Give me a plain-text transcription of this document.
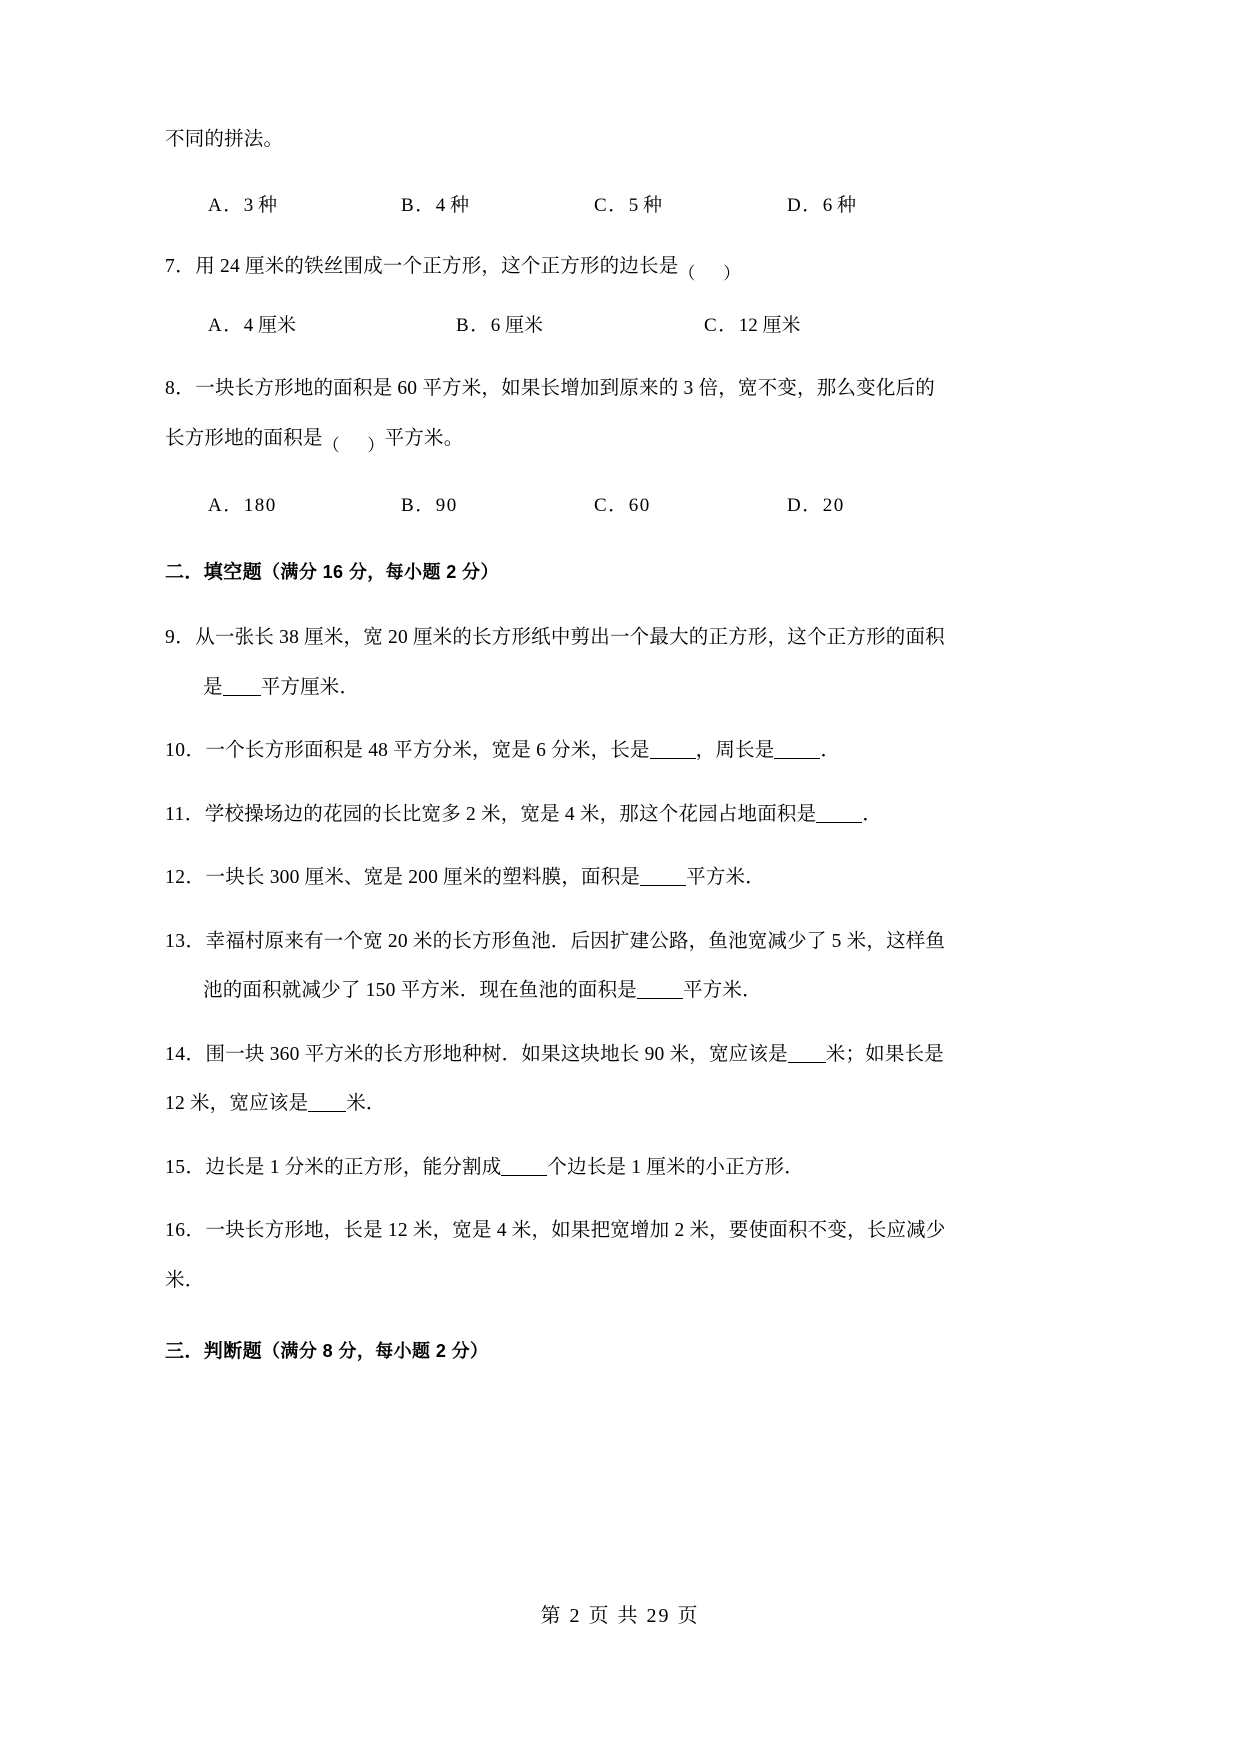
不同的拼法。
A．3 种	B．4 种	C．5 种	D．6 种
7．用 24 厘米的铁丝围成一个正方形，这个正方形的边长是 （ ）
A．4 厘米	B．6 厘米	C．12 厘米
8．一块长方形地的面积是 60 平方米，如果长增加到原来的 3 倍，宽不变，那么变化后的
长方形地的面积是 （ ） 平方米。
A．180	B．90	C．60	D．20
二．填空题（满分 16 分，每小题 2 分）
9．从一张长 38 厘米，宽 20 厘米的长方形纸中剪出一个最大的正方形，这个正方形的面积
是 平方厘米．
10．一个长方形面积是 48 平方分米，宽是 6 分米，长是 ，周长是 ．
11．学校操场边的花园的长比宽多 2 米，宽是 4 米，那这个花园占地面积是 ．
12．一块长 300 厘米、宽是 200 厘米的塑料膜，面积是 平方米．
13．幸福村原来有一个宽 20 米的长方形鱼池．后因扩建公路，鱼池宽减少了 5 米，这样鱼
池的面积就减少了 150 平方米．现在鱼池的面积是 平方米．
14．围一块 360 平方米的长方形地种树．如果这块地长 90 米，宽应该是 米；如果长是
12 米，宽应该是 米．
15．边长是 1 分米的正方形，能分割成 个边长是 1 厘米的小正方形．
16．一块长方形地，长是 12 米，宽是 4 米，如果把宽增加 2 米，要使面积不变，长应减少
米．
三．判断题（满分 8 分，每小题 2 分）
第 2 页 共 29 页
